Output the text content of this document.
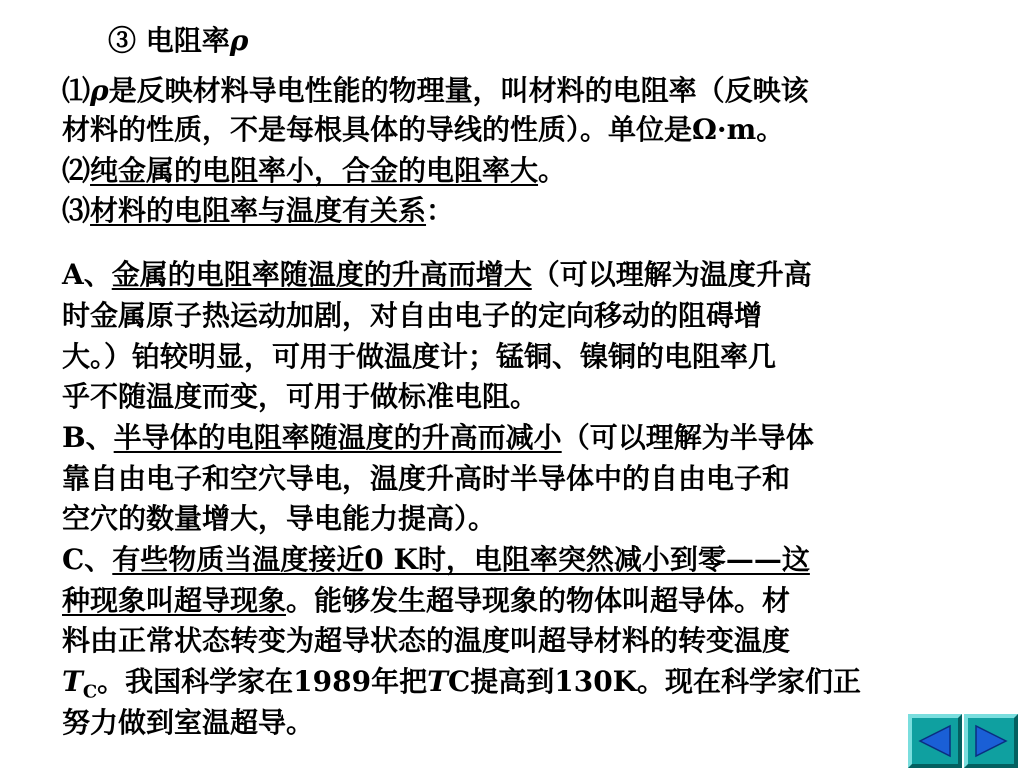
③ 电阻率ρ
⑴ρ是反映材料导电性能的物理量，叫材料的电阻率（反映该
材料的性质，不是每根具体的导线的性质）。单位是Ω·m。
⑵纯金属的电阻率小，合金的电阻率大。
⑶材料的电阻率与温度有关系：
A、金属的电阻率随温度的升高而增大（可以理解为温度升高
时金属原子热运动加剧，对自由电子的定向移动的阻碍增
大。）铂较明显，可用于做温度计；锰铜、镍铜的电阻率几
乎不随温度而变，可用于做标准电阻。
B、半导体的电阻率随温度的升高而减小（可以理解为半导体
靠自由电子和空穴导电，温度升高时半导体中的自由电子和
空穴的数量增大，导电能力提高）。
C、有些物质当温度接近0 K时，电阻率突然减小到零——这
种现象叫超导现象。能够发生超导现象的物体叫超导体。材
料由正常状态转变为超导状态的温度叫超导材料的转变温度
$T_C$。我国科学家在1989年把TC提高到130K。现在科学家们正
努力做到室温超导。
